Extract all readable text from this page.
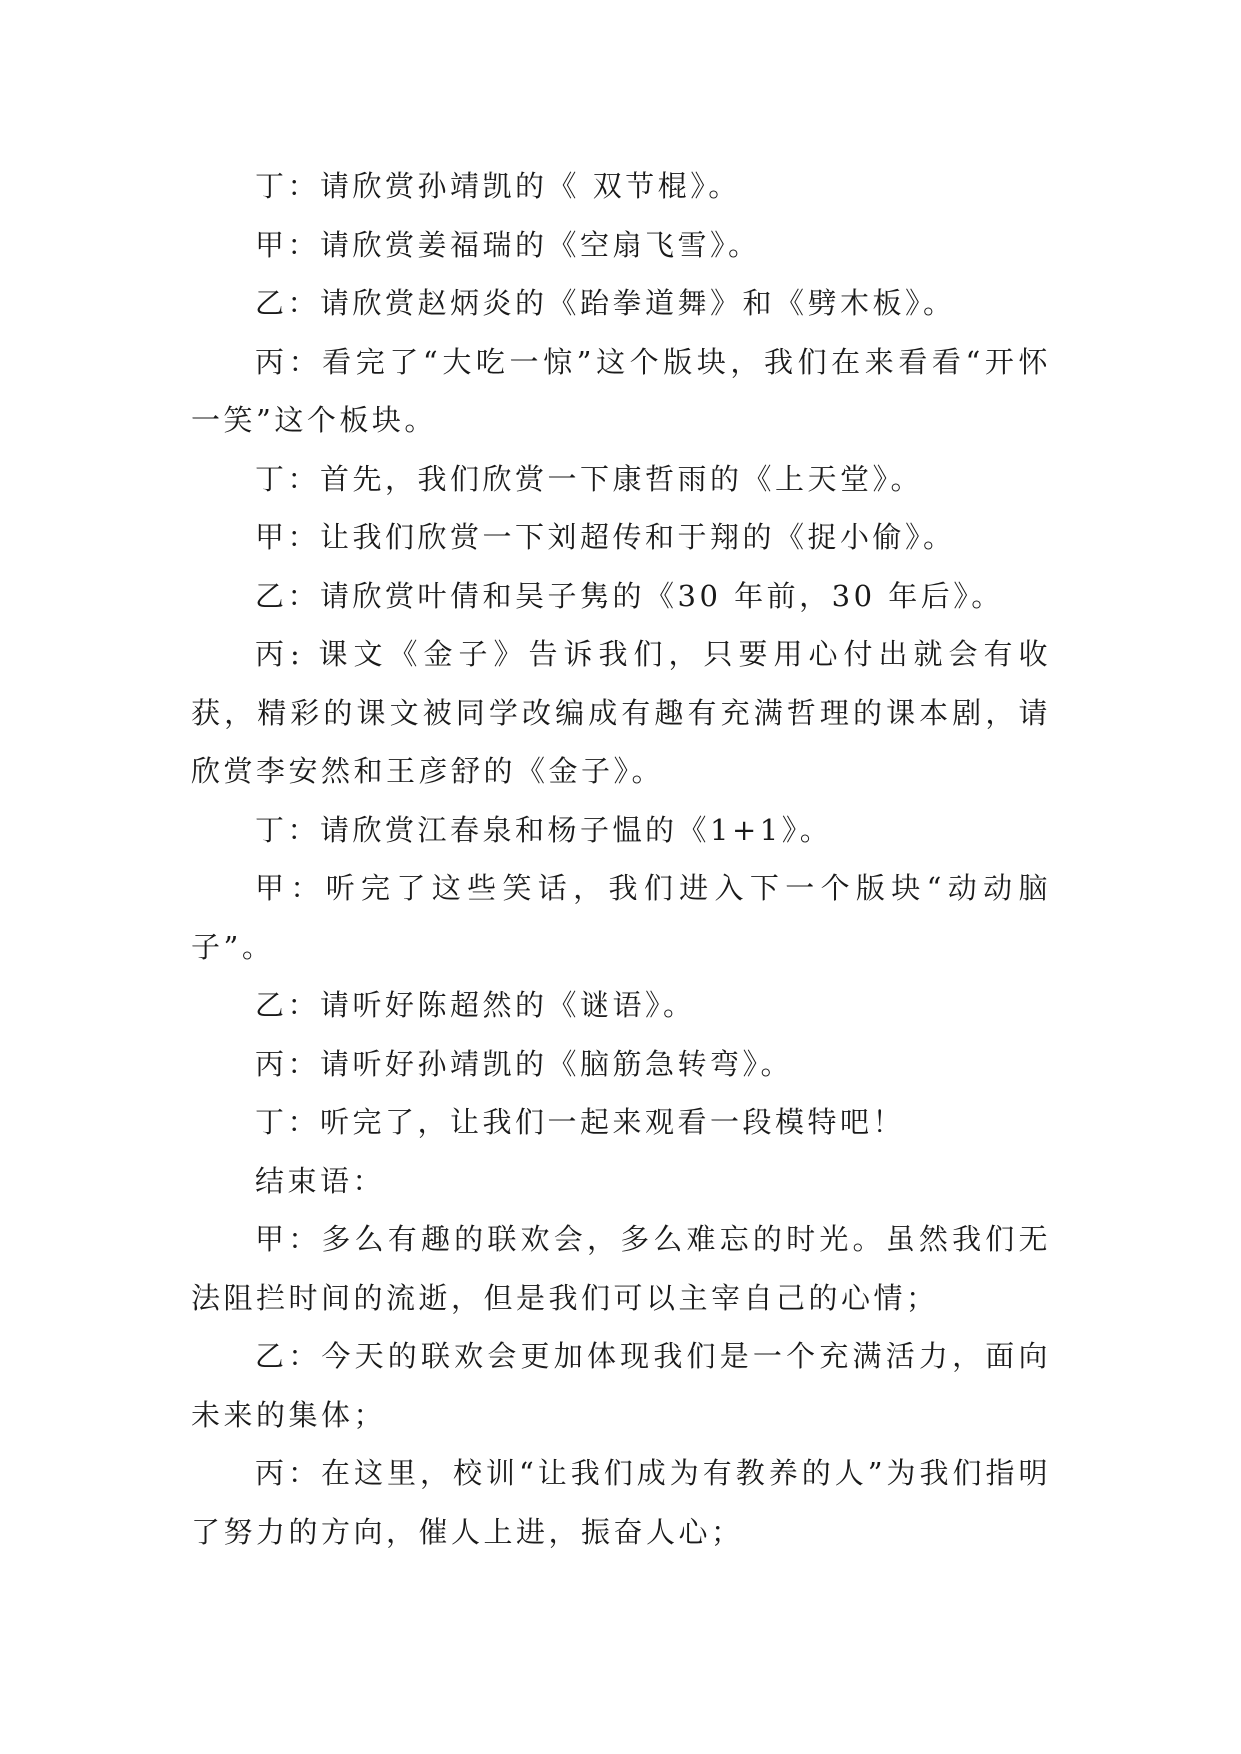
丁：请欣赏孙靖凯的《 双节棍》。

甲：请欣赏姜福瑞的《空扇飞雪》。

乙：请欣赏赵炳炎的《跆拳道舞》和《劈木板》。

丙：看完了“大吃一惊”这个版块，我们在来看看“开怀一笑”这个板块。

丁：首先，我们欣赏一下康哲雨的《上天堂》。

甲：让我们欣赏一下刘超传和于翔的《捉小偷》。

乙：请欣赏叶倩和吴子隽的《30 年前，30 年后》。

丙: 课文《金子》告诉我们，只要用心付出就会有收获，精彩的课文被同学改编成有趣有充满哲理的课本剧，请欣赏李安然和王彦舒的《金子》。

丁：请欣赏江春泉和杨子愠的《1+1》。

甲：听完了这些笑话，我们进入下一个版块“动动脑子”。

乙：请听好陈超然的《谜语》。

丙：请听好孙靖凯的《脑筋急转弯》。

丁：听完了，让我们一起来观看一段模特吧！

结束语：

甲：多么有趣的联欢会，多么难忘的时光。虽然我们无法阻拦时间的流逝，但是我们可以主宰自己的心情；

乙：今天的联欢会更加体现我们是一个充满活力，面向未来的集体；

丙：在这里，校训“让我们成为有教养的人”为我们指明了努力的方向，催人上进，振奋人心；
